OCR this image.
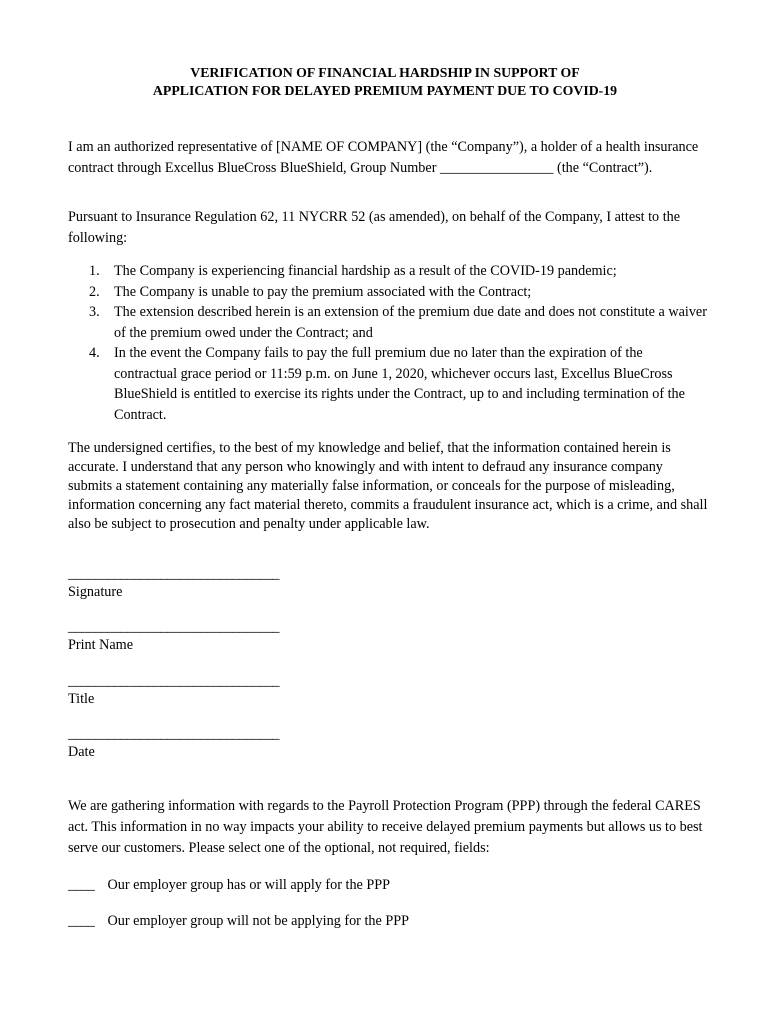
VERIFICATION OF FINANCIAL HARDSHIP IN SUPPORT OF
APPLICATION FOR DELAYED PREMIUM PAYMENT DUE TO COVID-19

I am an authorized representative of [NAME OF COMPANY] (the “Company”), a holder of a health insurance contract through Excellus BlueCross BlueShield, Group Number ________________ (the “Contract”).

Pursuant to Insurance Regulation 62, 11 NYCRR 52 (as amended), on behalf of the Company, I attest to the following:

1. The Company is experiencing financial hardship as a result of the COVID-19 pandemic;
2. The Company is unable to pay the premium associated with the Contract;
3. The extension described herein is an extension of the premium due date and does not constitute a waiver of the premium owed under the Contract; and
4. In the event the Company fails to pay the full premium due no later than the expiration of the contractual grace period or 11:59 p.m. on June 1, 2020, whichever occurs last, Excellus BlueCross BlueShield is entitled to exercise its rights under the Contract, up to and including termination of the Contract.

The undersigned certifies, to the best of my knowledge and belief, that the information contained herein is accurate. I understand that any person who knowingly and with intent to defraud any insurance company submits a statement containing any materially false information, or conceals for the purpose of misleading, information concerning any fact material thereto, commits a fraudulent insurance act, which is a crime, and shall also be subject to prosecution and penalty under applicable law.

________________________________
Signature
________________________________
Print Name
________________________________
Title
________________________________
Date

We are gathering information with regards to the Payroll Protection Program (PPP) through the federal CARES act. This information in no way impacts your ability to receive delayed premium payments but allows us to best serve our customers. Please select one of the optional, not required, fields:

____ Our employer group has or will apply for the PPP
____ Our employer group will not be applying for the PPP
